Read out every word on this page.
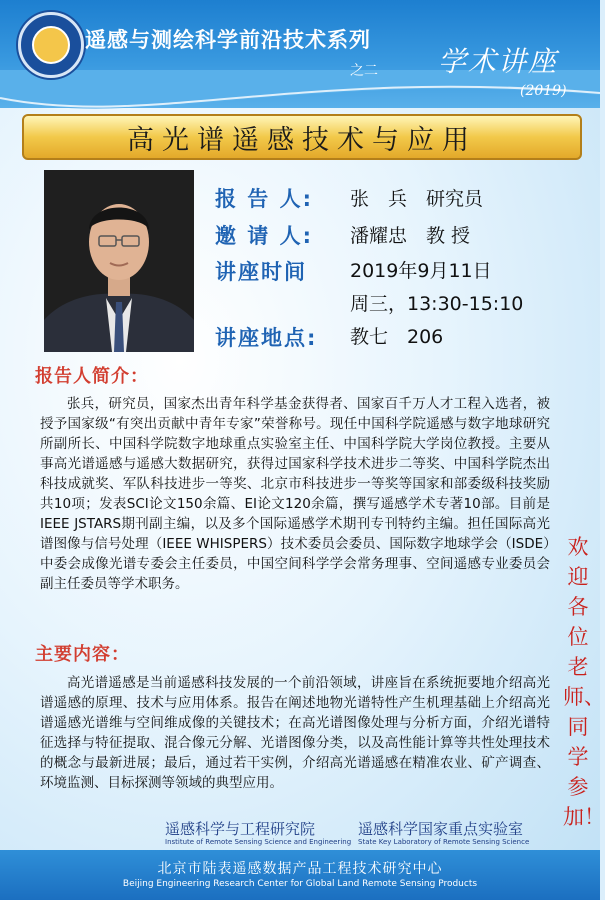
遥感与测绘科学前沿技术系列
之二 学术讲座
(2019)
高光谱遥感技术与应用
报 告 人: 张　兵　研究员
邀 请 人: 潘耀忠　教 授
讲座时间 2019年9月11日
周三，13:30-15:10
讲座地点: 教七　206
报告人简介：
张兵，研究员，国家杰出青年科学基金获得者、国家百千万人才工程入选者，被授予国家级“有突出贡献中青年专家”荣誉称号。现任中国科学院遥感与数字地球研究所副所长、中国科学院数字地球重点实验室主任、中国科学院大学岗位教授。主要从事高光谱遥感与遥感大数据研究，获得过国家科学技术进步二等奖、中国科学院杰出科技成就奖、军队科技进步一等奖、北京市科技进步一等奖等国家和部委级科技奖励共10项；发表SCI论文150余篇、EI论文120余篇，撰写遥感学术专著10部。目前是IEEE JSTARS期刊副主编，以及多个国际遥感学术期刊专刊特约主编。担任国际高光谱图像与信号处理（IEEE WHISPERS）技术委员会委员、国际数字地球学会（ISDE）中委会成像光谱专委会主任委员，中国空间科学学会常务理事、空间遥感专业委员会副主任委员等学术职务。
主要内容：
高光谱遥感是当前遥感科技发展的一个前沿领域，讲座旨在系统扼要地介绍高光谱遥感的原理、技术与应用体系。报告在阐述地物光谱特性产生机理基础上介绍高光谱遥感光谱维与空间维成像的关键技术；在高光谱图像处理与分析方面，介绍光谱特征选择与特征提取、混合像元分解、光谱图像分类，以及高性能计算等共性处理技术的概念与最新进展；最后，通过若干实例，介绍高光谱遥感在精准农业、矿产调查、环境监测、目标探测等领域的典型应用。
欢迎各位老师、同学参加！
遥感科学与工程研究院
Institute of Remote Sensing Science and Engineering
遥感科学国家重点实验室
State Key Laboratory of Remote Sensing Science
北京市陆表遥感数据产品工程技术研究中心
Beijing Engineering Research Center for Global Land Remote Sensing Products
